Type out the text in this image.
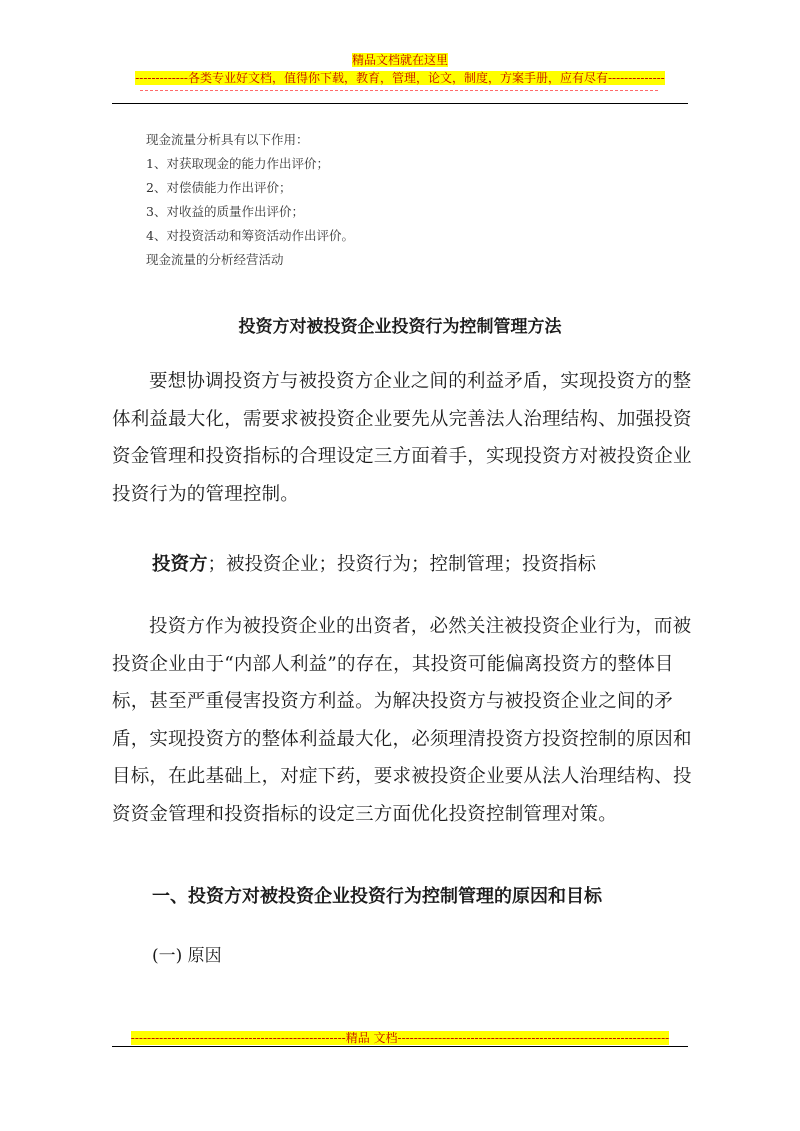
精品文档就在这里
-------------各类专业好文档，值得你下载，教育，管理，论文，制度，方案手册，应有尽有--------------
现金流量分析具有以下作用：
1、对获取现金的能力作出评价；
2、对偿债能力作出评价；
3、对收益的质量作出评价；
4、对投资活动和筹资活动作出评价。
现金流量的分析经营活动
投资方对被投资企业投资行为控制管理方法
要想协调投资方与被投资方企业之间的利益矛盾，实现投资方的整体利益最大化，需要求被投资企业要先从完善法人治理结构、加强投资资金管理和投资指标的合理设定三方面着手，实现投资方对被投资企业投资行为的管理控制。
投资方；被投资企业；投资行为；控制管理；投资指标
投资方作为被投资企业的出资者，必然关注被投资企业行为，而被投资企业由于“内部人利益”的存在，其投资可能偏离投资方的整体目标，甚至严重侵害投资方利益。为解决投资方与被投资企业之间的矛盾，实现投资方的整体利益最大化，必须理清投资方投资控制的原因和目标，在此基础上，对症下药，要求被投资企业要从法人治理结构、投资资金管理和投资指标的设定三方面优化投资控制管理对策。
一、投资方对被投资企业投资行为控制管理的原因和目标
(一) 原因
-----------------------------------------------------精品 文档-------------------------------------------------------------------
